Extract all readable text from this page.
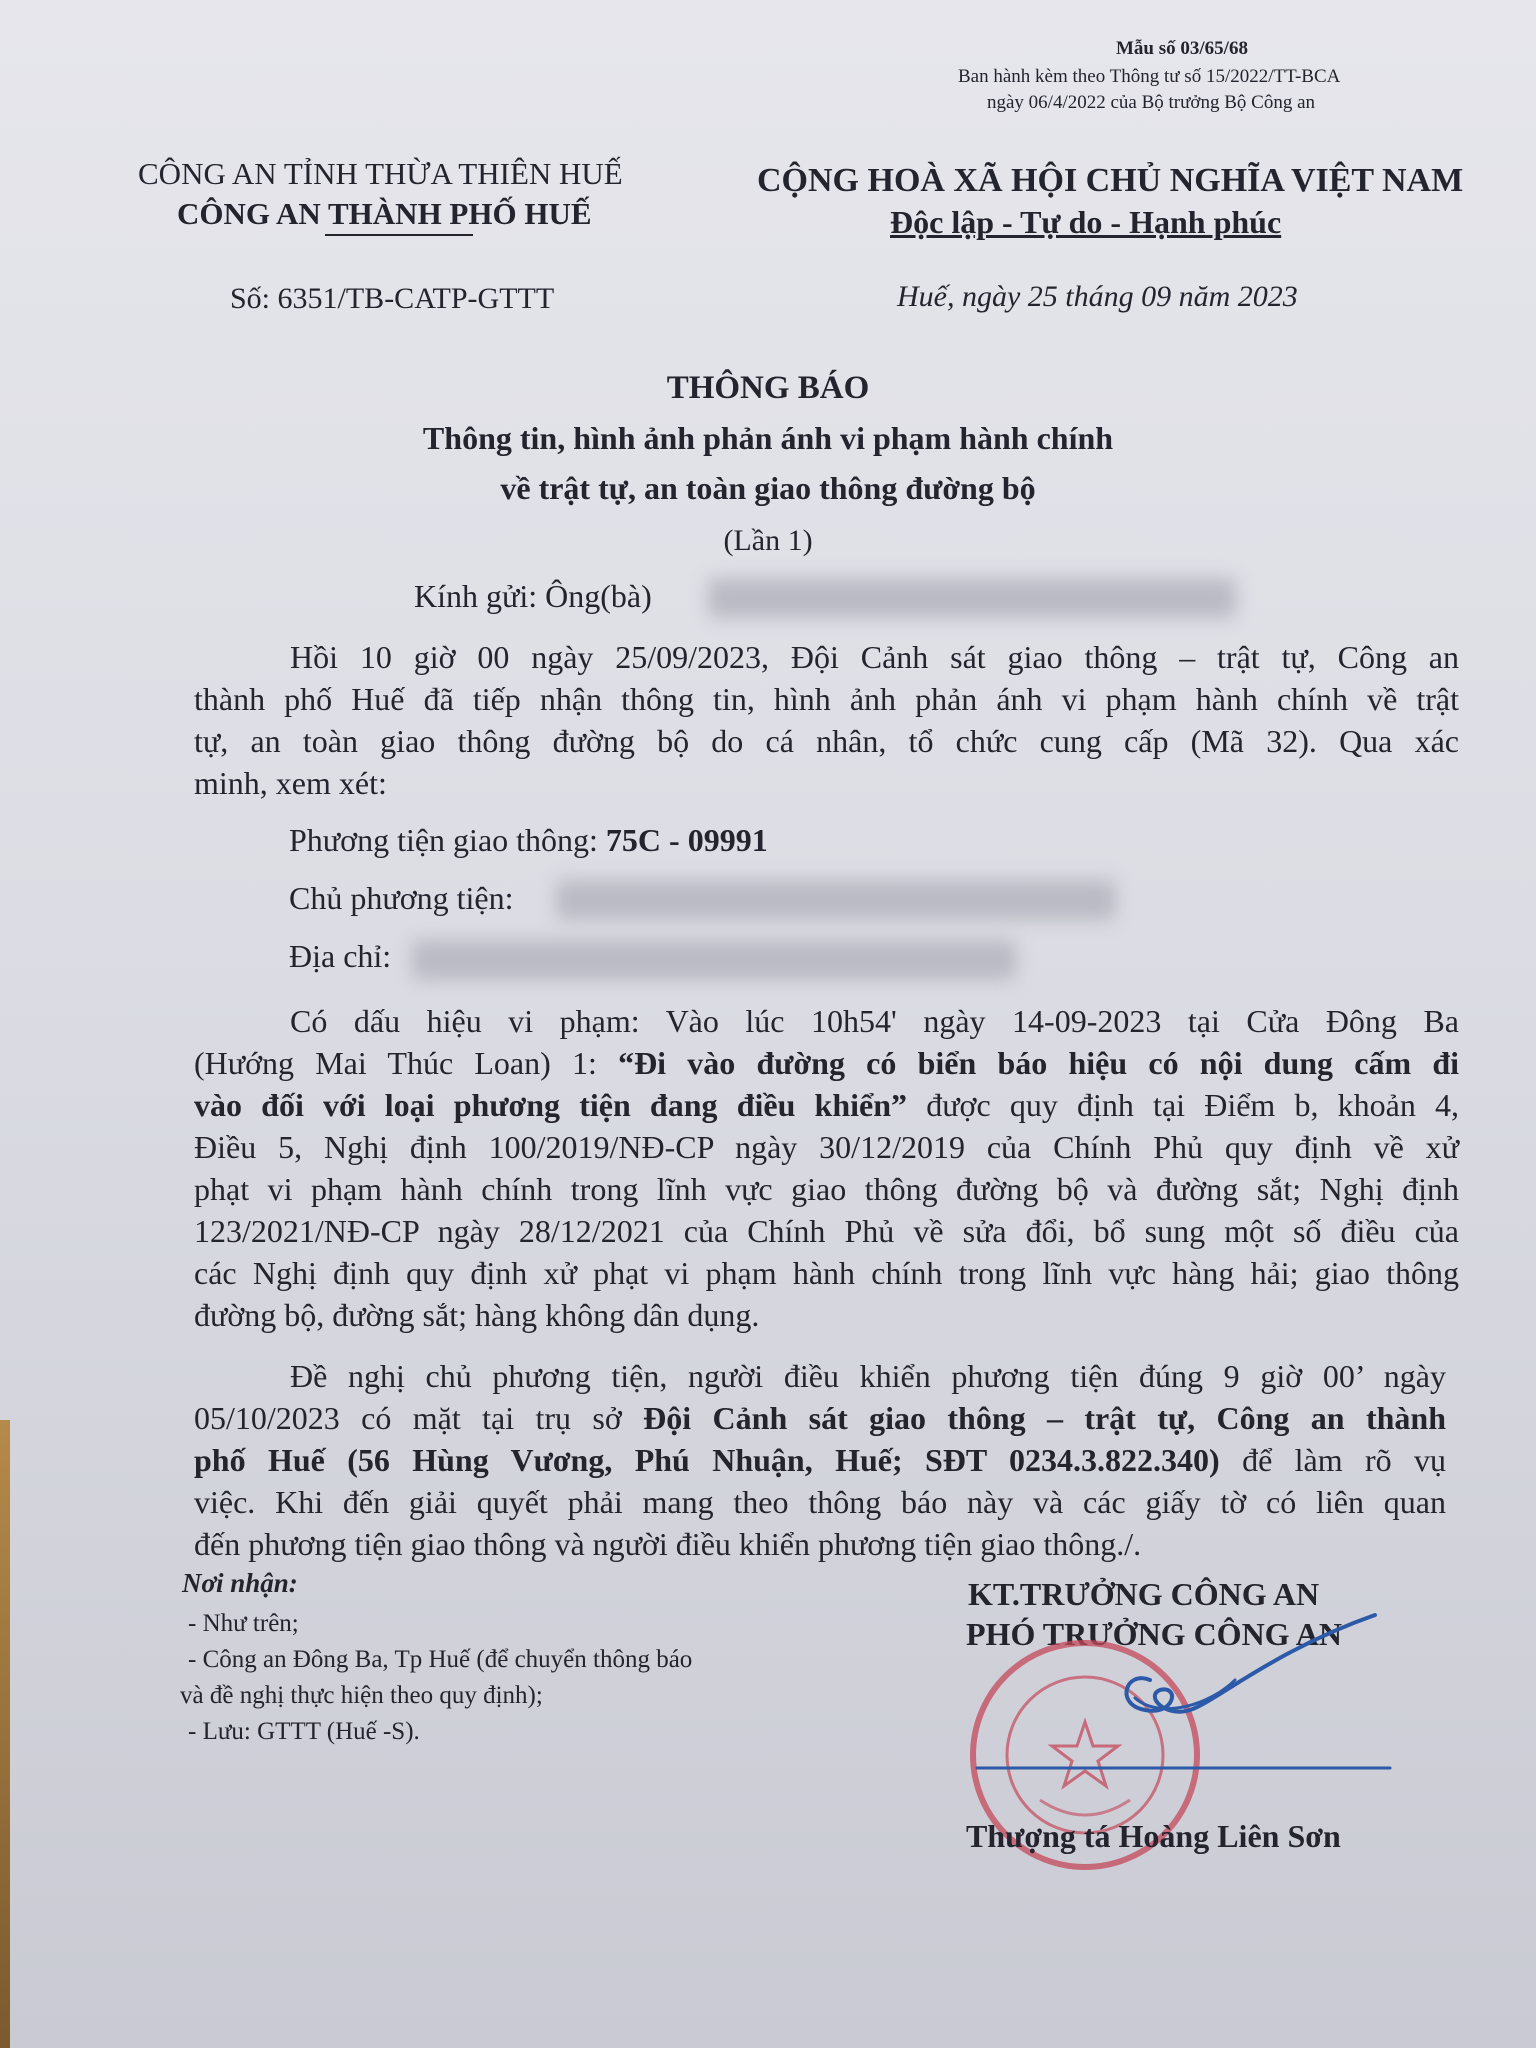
Mẫu số 03/65/68
Ban hành kèm theo Thông tư số 15/2022/TT-BCA
ngày 06/4/2022 của Bộ trưởng Bộ Công an
CÔNG AN TỈNH THỪA THIÊN HUẾ
CÔNG AN THÀNH PHỐ HUẾ
CỘNG HOÀ XÃ HỘI CHỦ NGHĨA VIỆT NAM
Độc lập - Tự do - Hạnh phúc
Số: 6351/TB-CATP-GTTT	Huế, ngày 25 tháng 09 năm 2023
THÔNG BÁO
Thông tin, hình ảnh phản ánh vi phạm hành chính
về trật tự, an toàn giao thông đường bộ
(Lần 1)
Kính gửi: Ông(bà)
Hồi 10 giờ 00 ngày 25/09/2023, Đội Cảnh sát giao thông – trật tự, Công an
thành phố Huế đã tiếp nhận thông tin, hình ảnh phản ánh vi phạm hành chính về trật
tự, an toàn giao thông đường bộ do cá nhân, tổ chức cung cấp (Mã 32). Qua xác
minh, xem xét:
Phương tiện giao thông: 75C - 09991
Chủ phương tiện:
Địa chỉ:
Có dấu hiệu vi phạm: Vào lúc 10h54' ngày 14-09-2023 tại Cửa Đông Ba
(Hướng Mai Thúc Loan) 1: “Đi vào đường có biển báo hiệu có nội dung cấm đi
vào đối với loại phương tiện đang điều khiển” được quy định tại Điểm b, khoản 4,
Điều 5, Nghị định 100/2019/NĐ-CP ngày 30/12/2019 của Chính Phủ quy định về xử
phạt vi phạm hành chính trong lĩnh vực giao thông đường bộ và đường sắt; Nghị định
123/2021/NĐ-CP ngày 28/12/2021 của Chính Phủ về sửa đổi, bổ sung một số điều của
các Nghị định quy định xử phạt vi phạm hành chính trong lĩnh vực hàng hải; giao thông
đường bộ, đường sắt; hàng không dân dụng.
Đề nghị chủ phương tiện, người điều khiển phương tiện đúng 9 giờ 00’ ngày
05/10/2023 có mặt tại trụ sở Đội Cảnh sát giao thông – trật tự, Công an thành
phố Huế (56 Hùng Vương, Phú Nhuận, Huế; SĐT 0234.3.822.340) để làm rõ vụ
việc. Khi đến giải quyết phải mang theo thông báo này và các giấy tờ có liên quan
đến phương tiện giao thông và người điều khiển phương tiện giao thông./.
Nơi nhận:
- Như trên;
- Công an Đông Ba, Tp Huế (để chuyển thông báo
và đề nghị thực hiện theo quy định);
- Lưu: GTTT (Huế -S).
KT.TRƯỞNG CÔNG AN
PHÓ TRƯỞNG CÔNG AN
Thượng tá Hoàng Liên Sơn
